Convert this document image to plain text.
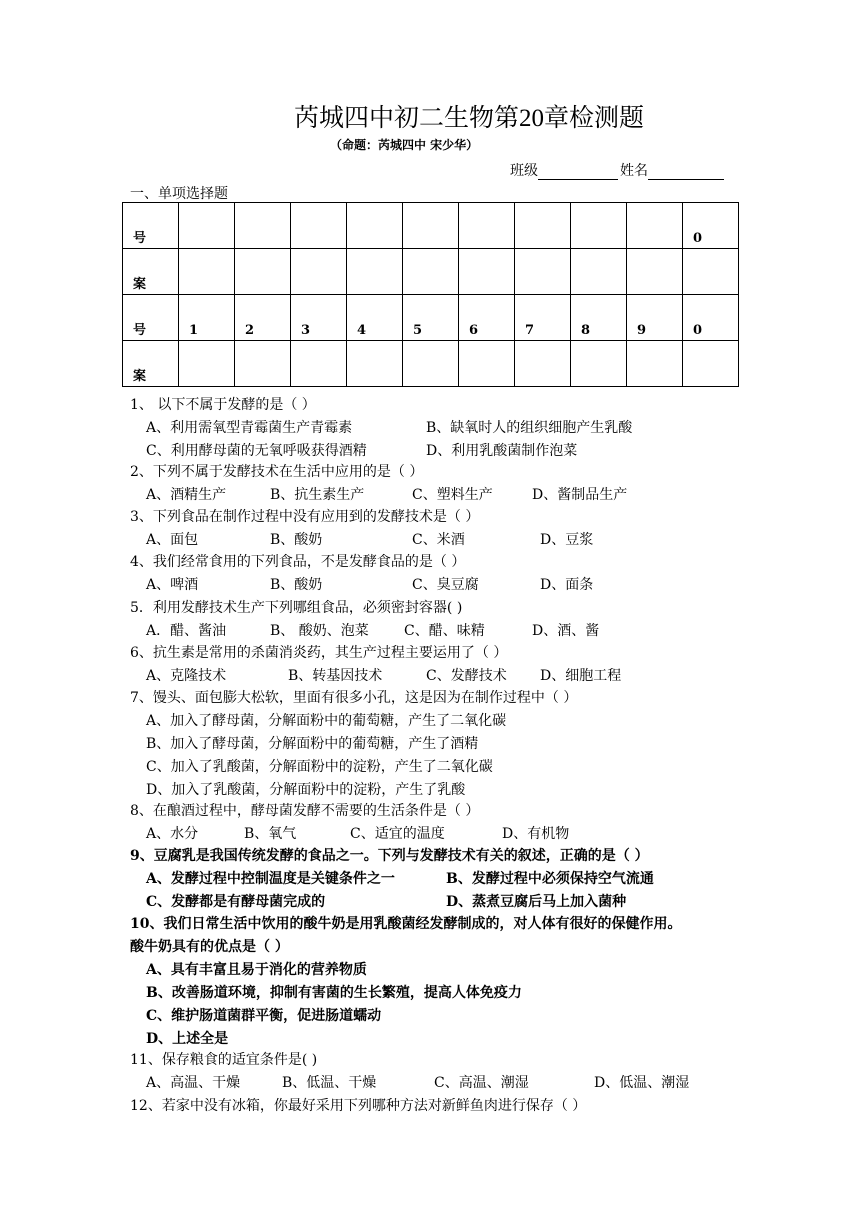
芮城四中初二生物第20章检测题
（命题：芮城四中 宋少华）
班级	姓名
一、单项选择题
号										0

案										

号	1	2	3	4	5	6	7	8	9	0

案										

1、 以下不属于发酵的是（ ）
A、利用需氧型青霉菌生产青霉素	B、缺氧时人的组织细胞产生乳酸
C、利用酵母菌的无氧呼吸获得酒精	D、利用乳酸菌制作泡菜
2、下列不属于发酵技术在生活中应用的是（ ）
A、酒精生产	B、抗生素生产	C、塑料生产	D、酱制品生产
3、下列食品在制作过程中没有应用到的发酵技术是（ ）
A、面包	B、酸奶	C、米酒	D、豆浆
4、我们经常食用的下列食品，不是发酵食品的是（ ）
A、啤酒	B、酸奶	C、臭豆腐	D、面条
5．利用发酵技术生产下列哪组食品，必须密封容器( )
A．醋、酱油	B、 酸奶、泡菜	C、醋、味精	D、酒、酱
6、抗生素是常用的杀菌消炎药，其生产过程主要运用了（ ）
A、克隆技术	B、转基因技术	C、发酵技术 D、细胞工程
7、馒头、面包膨大松软，里面有很多小孔，这是因为在制作过程中（ ）
A、加入了酵母菌，分解面粉中的葡萄糖，产生了二氧化碳
B、加入了酵母菌，分解面粉中的葡萄糖，产生了酒精
C、加入了乳酸菌，分解面粉中的淀粉，产生了二氧化碳
D、加入了乳酸菌，分解面粉中的淀粉，产生了乳酸
8、在酿酒过程中，酵母菌发酵不需要的生活条件是（ ）
A、水分	B、氧气	C、适宜的温度	D、有机物
9、豆腐乳是我国传统发酵的食品之一。下列与发酵技术有关的叙述，正确的是（ ）
A、发酵过程中控制温度是关键条件之一	B、发酵过程中必须保持空气流通
C、发酵都是有酵母菌完成的	D、蒸煮豆腐后马上加入菌种
10、我们日常生活中饮用的酸牛奶是用乳酸菌经发酵制成的，对人体有很好的保健作用。
酸牛奶具有的优点是（ ）
A、具有丰富且易于消化的营养物质
B、改善肠道环境，抑制有害菌的生长繁殖，提高人体免疫力
C、维护肠道菌群平衡，促进肠道蠕动
D、上述全是
11、保存粮食的适宜条件是( )
A、高温、干燥	B、低温、干燥	C、高温、潮湿	D、低温、潮湿
12、若家中没有冰箱，你最好采用下列哪种方法对新鲜鱼肉进行保存（ ）
